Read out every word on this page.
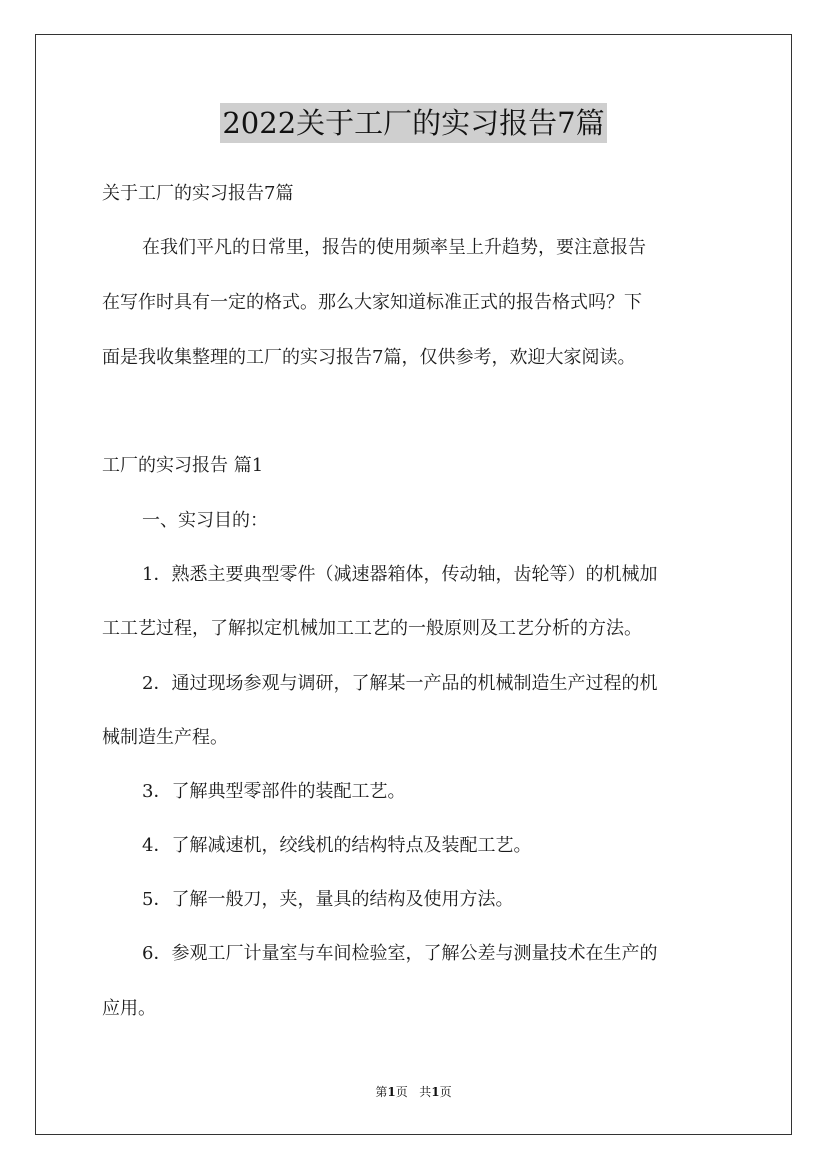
2022关于工厂的实习报告7篇
关于工厂的实习报告7篇
在我们平凡的日常里，报告的使用频率呈上升趋势，要注意报告
在写作时具有一定的格式。那么大家知道标准正式的报告格式吗？下
面是我收集整理的工厂的实习报告7篇，仅供参考，欢迎大家阅读。
工厂的实习报告 篇1
一、实习目的：
1．熟悉主要典型零件（减速器箱体，传动轴，齿轮等）的机械加
工工艺过程，了解拟定机械加工工艺的一般原则及工艺分析的方法。
2．通过现场参观与调研，了解某一产品的机械制造生产过程的机
械制造生产程。
3．了解典型零部件的装配工艺。
4．了解减速机，绞线机的结构特点及装配工艺。
5．了解一般刀，夹，量具的结构及使用方法。
6．参观工厂计量室与车间检验室，了解公差与测量技术在生产的
应用。
第1页 共1页
